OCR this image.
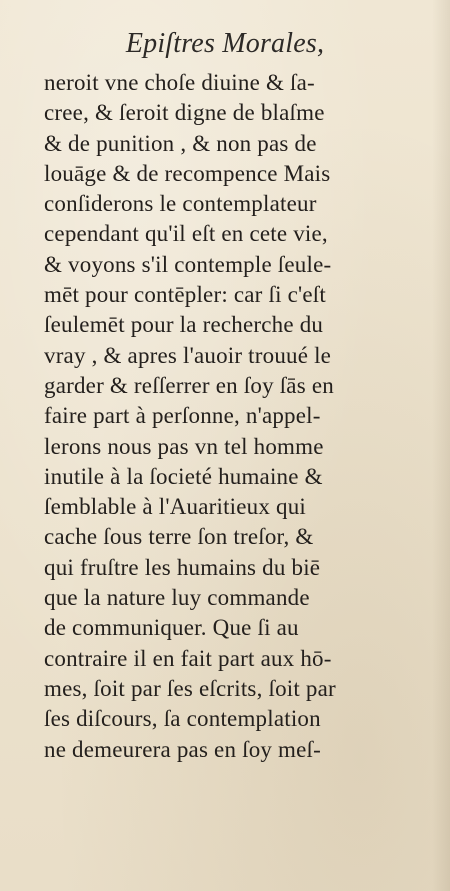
Epiſtres Morales,
neroit vne choſe diuine & ſa-
cree, & ſeroit digne de blaſme
& de punition , & non pas de
louāge & de recompence Mais
conſiderons le contemplateur
cependant qu'il eſt en cete vie,
& voyons s'il contemple ſeule-
mēt pour contēpler: car ſi c'eſt
ſeulemēt pour la recherche du
vray , & apres l'auoir trouué le
garder & reſſerrer en ſoy ſās en
faire part à perſonne, n'appel-
lerons nous pas vn tel homme
inutile à la ſocieté humaine &
ſemblable à l'Auaritieux qui
cache ſous terre ſon treſor, &
qui fruſtre les humains du biē
que la nature luy commande
de communiquer. Que ſi au
contraire il en fait part aux hō-
mes, ſoit par ſes eſcrits, ſoit par
ſes diſcours, ſa contemplation
ne demeurera pas en ſoy meſ-
